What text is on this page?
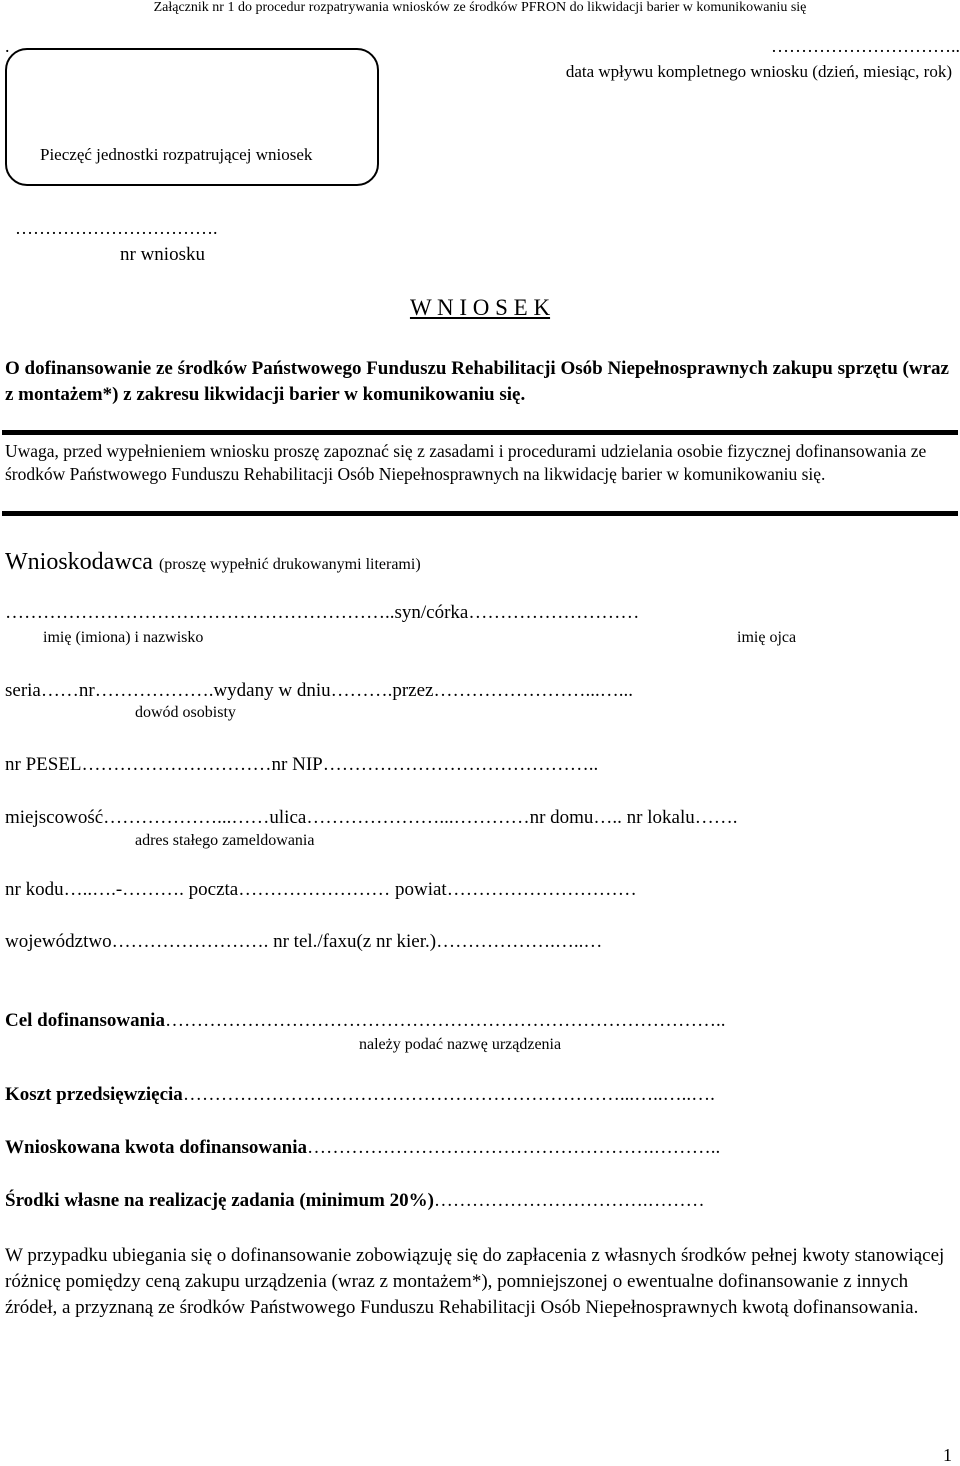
Załącznik nr 1 do procedur rozpatrywania wniosków ze środków PFRON do likwidacji barier w komunikowaniu się
.	…………………………..
data wpływu kompletnego wniosku (dzień, miesiąc, rok)
Pieczęć jednostki rozpatrującej wniosek
…………………………….
nr wniosku
W N I O S E K
O dofinansowanie ze środków Państwowego Funduszu Rehabilitacji Osób Niepełnosprawnych zakupu sprzętu (wraz z montażem*) z zakresu likwidacji barier w komunikowaniu się.
Uwaga, przed wypełnieniem wniosku proszę zapoznać się z zasadami i procedurami udzielania osobie fizycznej dofinansowania ze środków Państwowego Funduszu Rehabilitacji Osób Niepełnosprawnych na likwidację barier w komunikowaniu się.
Wnioskodawca (proszę wypełnić drukowanymi literami)
……………………………………………………..syn/córka………………………
imię (imiona) i nazwisko	imię ojca
seria……nr……………….wydany w dniu……….przez……………………...…...
dowód osobisty
nr PESEL…………………………nr NIP……………………………………..
miejscowość………………...……ulica…………………...…………nr domu….. nr lokalu…….
adres stałego zameldowania
nr kodu…..….-………. poczta…………………… powiat…………………………
województwo……………………. nr tel./faxu(z nr kier.)……………….…..…
Cel dofinansowania……………………………………………………………………………..
należy podać nazwę urządzenia
Koszt przedsięwzięcia……………………………………………………………...…..…..….
Wnioskowana kwota dofinansowania……………………………………………….………..
Środki własne na realizację zadania (minimum 20%)…………………………….………
W przypadku ubiegania się o dofinansowanie zobowiązuję się do zapłacenia z własnych środków pełnej kwoty stanowiącej różnicę pomiędzy ceną zakupu urządzenia (wraz z montażem*), pomniejszonej o ewentualne dofinansowanie z innych źródeł, a przyznaną ze środków Państwowego Funduszu Rehabilitacji Osób Niepełnosprawnych kwotą dofinansowania.
1
